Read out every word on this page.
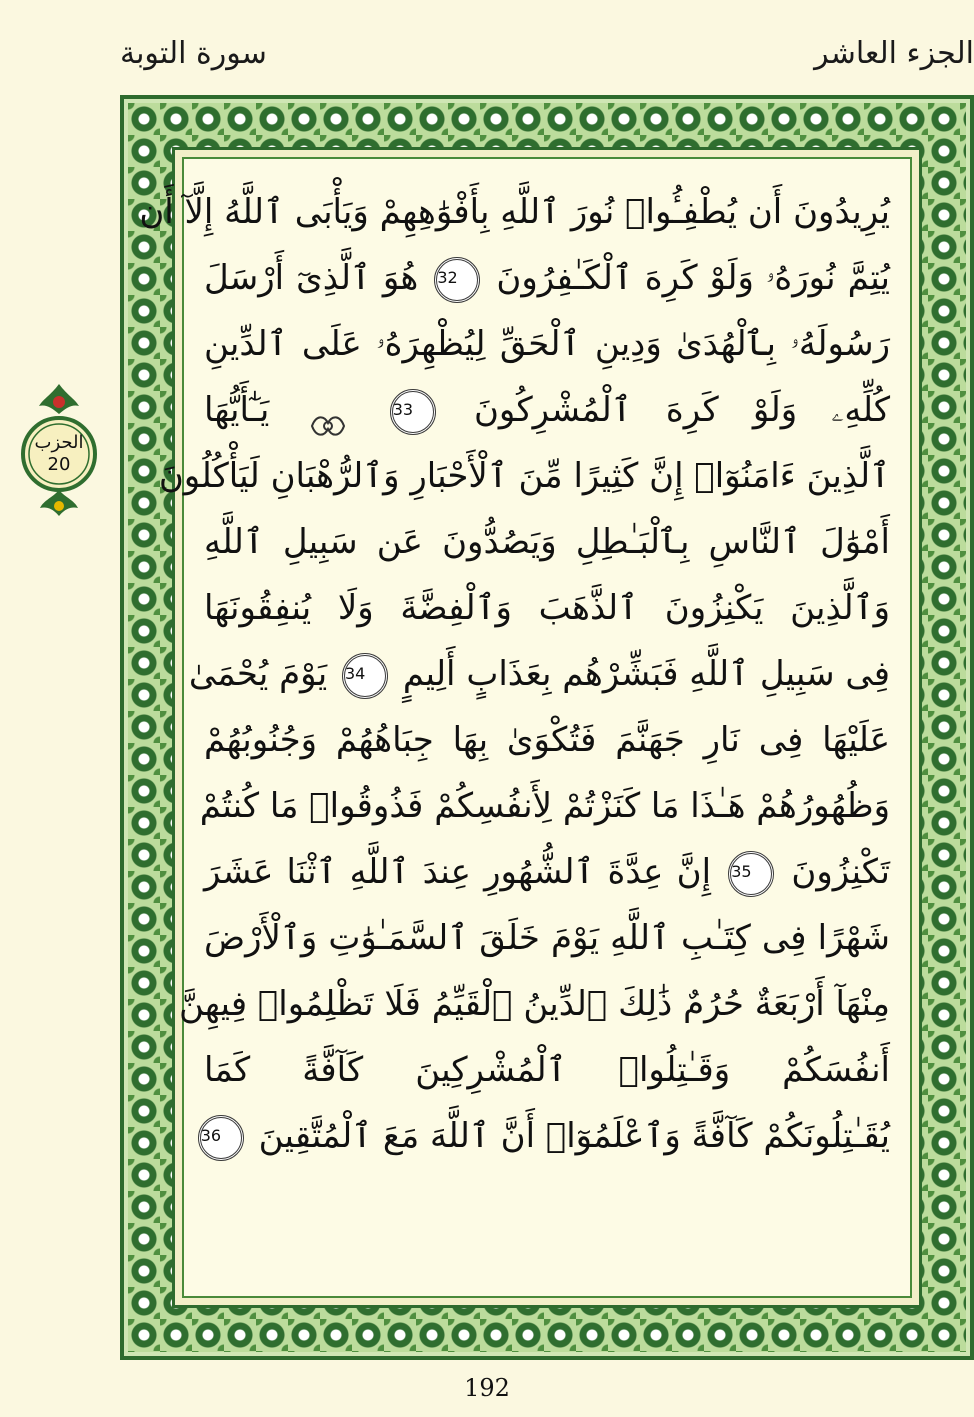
سورة التوبة	الجزء العاشر
الحزب
20
يُرِيدُونَ أَن يُطْفِـُٔوا۟ نُورَ ٱللَّهِ بِأَفْوَٰهِهِمْ وَيَأْبَى ٱللَّهُ إِلَّآ أَن
يُتِمَّ نُورَهُۥ وَلَوْ كَرِهَ ٱلْكَـٰفِرُونَ 32 هُوَ ٱلَّذِىٓ أَرْسَلَ
رَسُولَهُۥ بِٱلْهُدَىٰ وَدِينِ ٱلْحَقِّ لِيُظْهِرَهُۥ عَلَى ٱلدِّينِ
كُلِّهِۦ وَلَوْ كَرِهَ ٱلْمُشْرِكُونَ 33  يَـٰٓأَيُّهَا
ٱلَّذِينَ ءَامَنُوٓا۟ إِنَّ كَثِيرًا مِّنَ ٱلْأَحْبَارِ وَٱلرُّهْبَانِ لَيَأْكُلُونَ
أَمْوَٰلَ ٱلنَّاسِ بِٱلْبَـٰطِلِ وَيَصُدُّونَ عَن سَبِيلِ ٱللَّهِ
وَٱلَّذِينَ يَكْنِزُونَ ٱلذَّهَبَ وَٱلْفِضَّةَ وَلَا يُنفِقُونَهَا
فِى سَبِيلِ ٱللَّهِ فَبَشِّرْهُم بِعَذَابٍ أَلِيمٍ 34 يَوْمَ يُحْمَىٰ
عَلَيْهَا فِى نَارِ جَهَنَّمَ فَتُكْوَىٰ بِهَا جِبَاهُهُمْ وَجُنُوبُهُمْ
وَظُهُورُهُمْ هَـٰذَا مَا كَنَزْتُمْ لِأَنفُسِكُمْ فَذُوقُوا۟ مَا كُنتُمْ
تَكْنِزُونَ 35 إِنَّ عِدَّةَ ٱلشُّهُورِ عِندَ ٱللَّهِ ٱثْنَا عَشَرَ
شَهْرًا فِى كِتَـٰبِ ٱللَّهِ يَوْمَ خَلَقَ ٱلسَّمَـٰوَٰتِ وَٱلْأَرْضَ
مِنْهَآ أَرْبَعَةٌ حُرُمٌ ذَٰلِكَ ٱلدِّينُ ٱلْقَيِّمُ فَلَا تَظْلِمُوا۟ فِيهِنَّ
أَنفُسَكُمْ وَقَـٰتِلُوا۟ ٱلْمُشْرِكِينَ كَآفَّةً كَمَا
يُقَـٰتِلُونَكُمْ كَآفَّةً وَٱعْلَمُوٓا۟ أَنَّ ٱللَّهَ مَعَ ٱلْمُتَّقِينَ 36
192
